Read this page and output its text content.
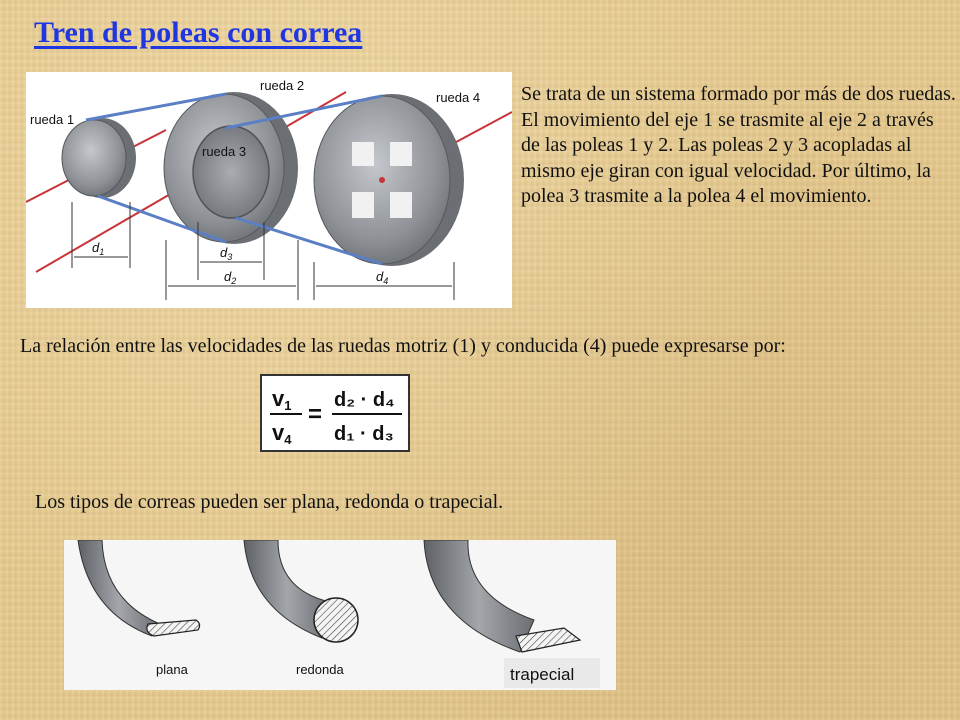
Tren de poleas con correa
rueda 1
rueda 2
rueda 3
rueda 4
$d_1$	$d_3$
$d_2$	$d_4$

Se trata de un sistema formado por más de dos ruedas. El movimiento del eje 1 se trasmite al eje 2 a través de las poleas 1 y 2. Las poleas 2 y 3 acopladas al mismo eje giran con igual velocidad. Por último, la polea 3 trasmite a la polea 4 el movimiento.

La relación entre las velocidades de las ruedas motriz (1) y conducida (4) puede expresarse por:

v1
v4
=
d₂ · d₄
d₁ · d₃

Los tipos de correas pueden ser plana, redonda o trapecial.

plana	redonda	trapecial
